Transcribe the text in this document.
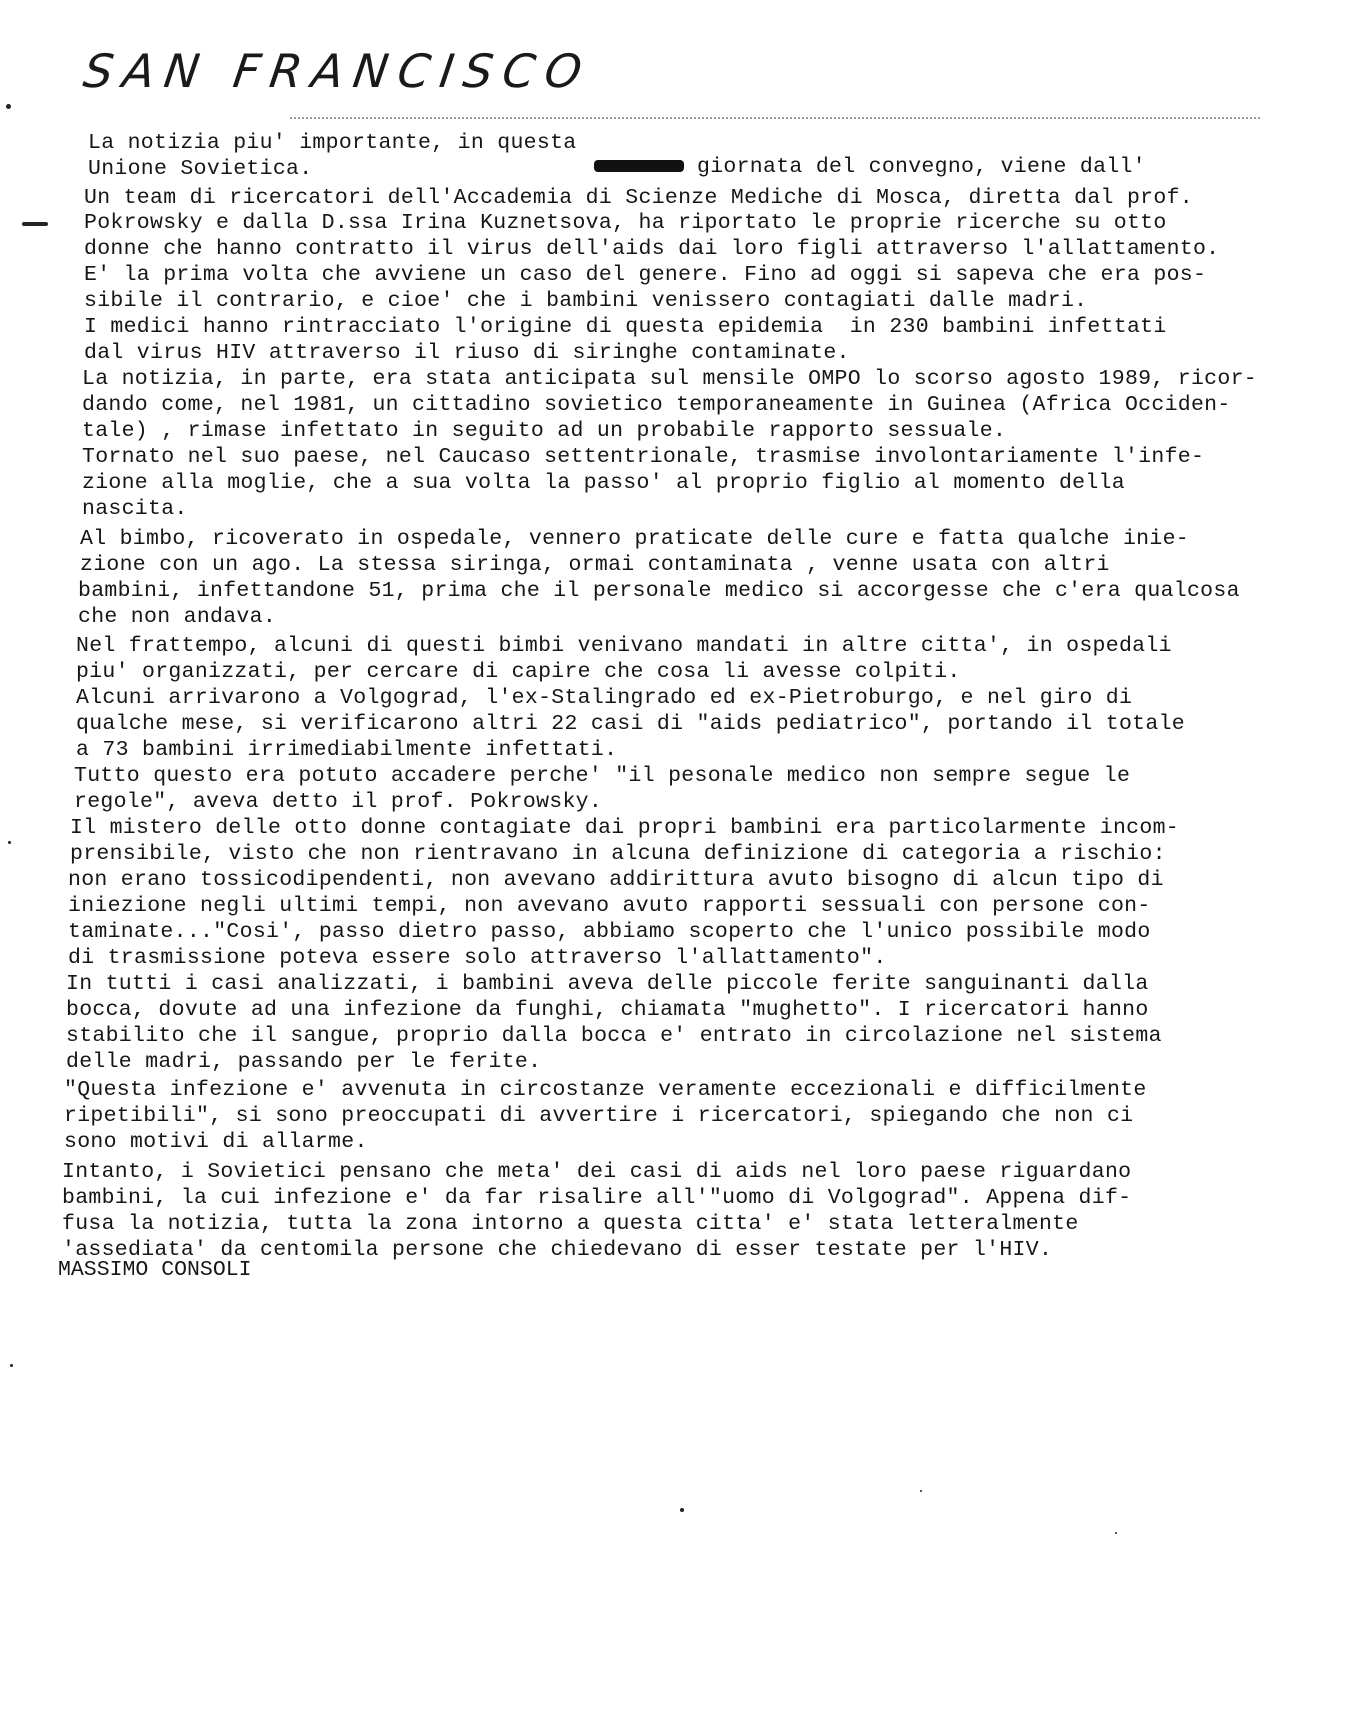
SAN FRANCISCO
La notizia piu' importante, in questa
Unione Sovietica.	giornata del convegno, viene dall'
Un team di ricercatori dell'Accademia di Scienze Mediche di Mosca, diretta dal prof.
Pokrowsky e dalla D.ssa Irina Kuznetsova, ha riportato le proprie ricerche su otto
donne che hanno contratto il virus dell'aids dai loro figli attraverso l'allattamento.
E' la prima volta che avviene un caso del genere. Fino ad oggi si sapeva che era pos-
sibile il contrario, e cioe' che i bambini venissero contagiati dalle madri.
I medici hanno rintracciato l'origine di questa epidemia  in 230 bambini infettati
dal virus HIV attraverso il riuso di siringhe contaminate.
La notizia, in parte, era stata anticipata sul mensile OMPO lo scorso agosto 1989, ricor-
dando come, nel 1981, un cittadino sovietico temporaneamente in Guinea (Africa Occiden-
tale) , rimase infettato in seguito ad un probabile rapporto sessuale.
Tornato nel suo paese, nel Caucaso settentrionale, trasmise involontariamente l'infe-
zione alla moglie, che a sua volta la passo' al proprio figlio al momento della
nascita.
Al bimbo, ricoverato in ospedale, vennero praticate delle cure e fatta qualche inie-
zione con un ago. La stessa siringa, ormai contaminata , venne usata con altri
bambini, infettandone 51, prima che il personale medico si accorgesse che c'era qualcosa
che non andava.
Nel frattempo, alcuni di questi bimbi venivano mandati in altre citta', in ospedali
piu' organizzati, per cercare di capire che cosa li avesse colpiti.
Alcuni arrivarono a Volgograd, l'ex-Stalingrado ed ex-Pietroburgo, e nel giro di
qualche mese, si verificarono altri 22 casi di "aids pediatrico", portando il totale
a 73 bambini irrimediabilmente infettati.
Tutto questo era potuto accadere perche' "il pesonale medico non sempre segue le
regole", aveva detto il prof. Pokrowsky.
Il mistero delle otto donne contagiate dai propri bambini era particolarmente incom-
prensibile, visto che non rientravano in alcuna definizione di categoria a rischio:
non erano tossicodipendenti, non avevano addirittura avuto bisogno di alcun tipo di
iniezione negli ultimi tempi, non avevano avuto rapporti sessuali con persone con-
taminate..."Cosi', passo dietro passo, abbiamo scoperto che l'unico possibile modo
di trasmissione poteva essere solo attraverso l'allattamento".
In tutti i casi analizzati, i bambini aveva delle piccole ferite sanguinanti dalla
bocca, dovute ad una infezione da funghi, chiamata "mughetto". I ricercatori hanno
stabilito che il sangue, proprio dalla bocca e' entrato in circolazione nel sistema
delle madri, passando per le ferite.
"Questa infezione e' avvenuta in circostanze veramente eccezionali e difficilmente
ripetibili", si sono preoccupati di avvertire i ricercatori, spiegando che non ci
sono motivi di allarme.
Intanto, i Sovietici pensano che meta' dei casi di aids nel loro paese riguardano
bambini, la cui infezione e' da far risalire all'"uomo di Volgograd". Appena dif-
fusa la notizia, tutta la zona intorno a questa citta' e' stata letteralmente
'assediata' da centomila persone che chiedevano di esser testate per l'HIV.
MASSIMO CONSOLI
